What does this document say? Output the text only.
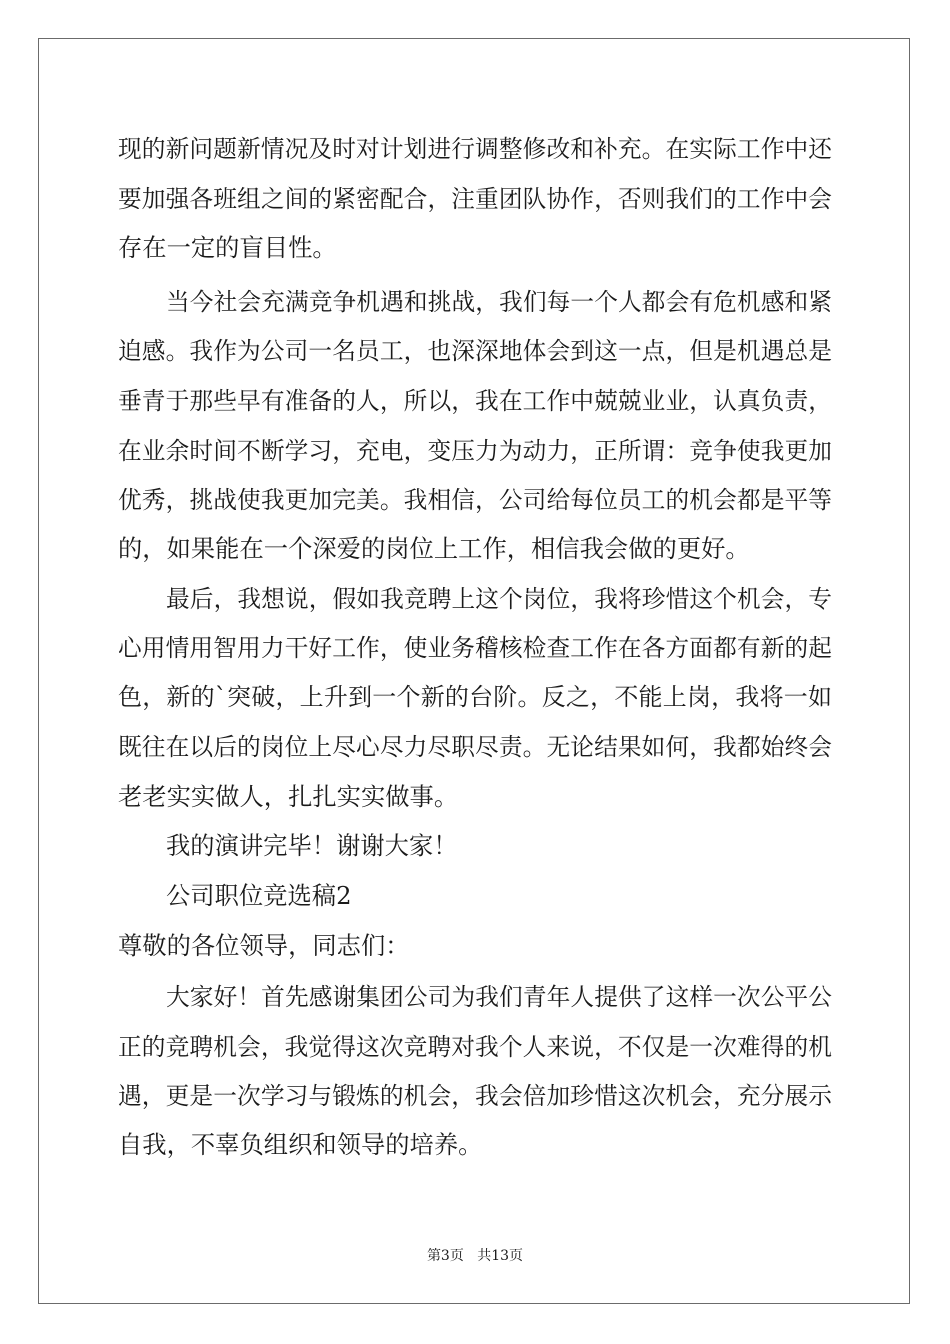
现的新问题新情况及时对计划进行调整修改和补充。在实际工作中还
要加强各班组之间的紧密配合，注重团队协作，否则我们的工作中会
存在一定的盲目性。
当今社会充满竞争机遇和挑战，我们每一个人都会有危机感和紧
迫感。我作为公司一名员工，也深深地体会到这一点，但是机遇总是
垂青于那些早有准备的人，所以，我在工作中兢兢业业，认真负责，
在业余时间不断学习，充电，变压力为动力，正所谓：竞争使我更加
优秀，挑战使我更加完美。我相信，公司给每位员工的机会都是平等
的，如果能在一个深爱的岗位上工作，相信我会做的更好。
最后，我想说，假如我竞聘上这个岗位，我将珍惜这个机会，专
心用情用智用力干好工作，使业务稽核检查工作在各方面都有新的起
色，新的`突破，上升到一个新的台阶。反之，不能上岗，我将一如
既往在以后的岗位上尽心尽力尽职尽责。无论结果如何，我都始终会
老老实实做人，扎扎实实做事。
我的演讲完毕！谢谢大家！
公司职位竞选稿2
尊敬的各位领导，同志们：
大家好！首先感谢集团公司为我们青年人提供了这样一次公平公
正的竞聘机会，我觉得这次竞聘对我个人来说，不仅是一次难得的机
遇，更是一次学习与锻炼的机会，我会倍加珍惜这次机会，充分展示
自我，不辜负组织和领导的培养。
第3页 共13页
